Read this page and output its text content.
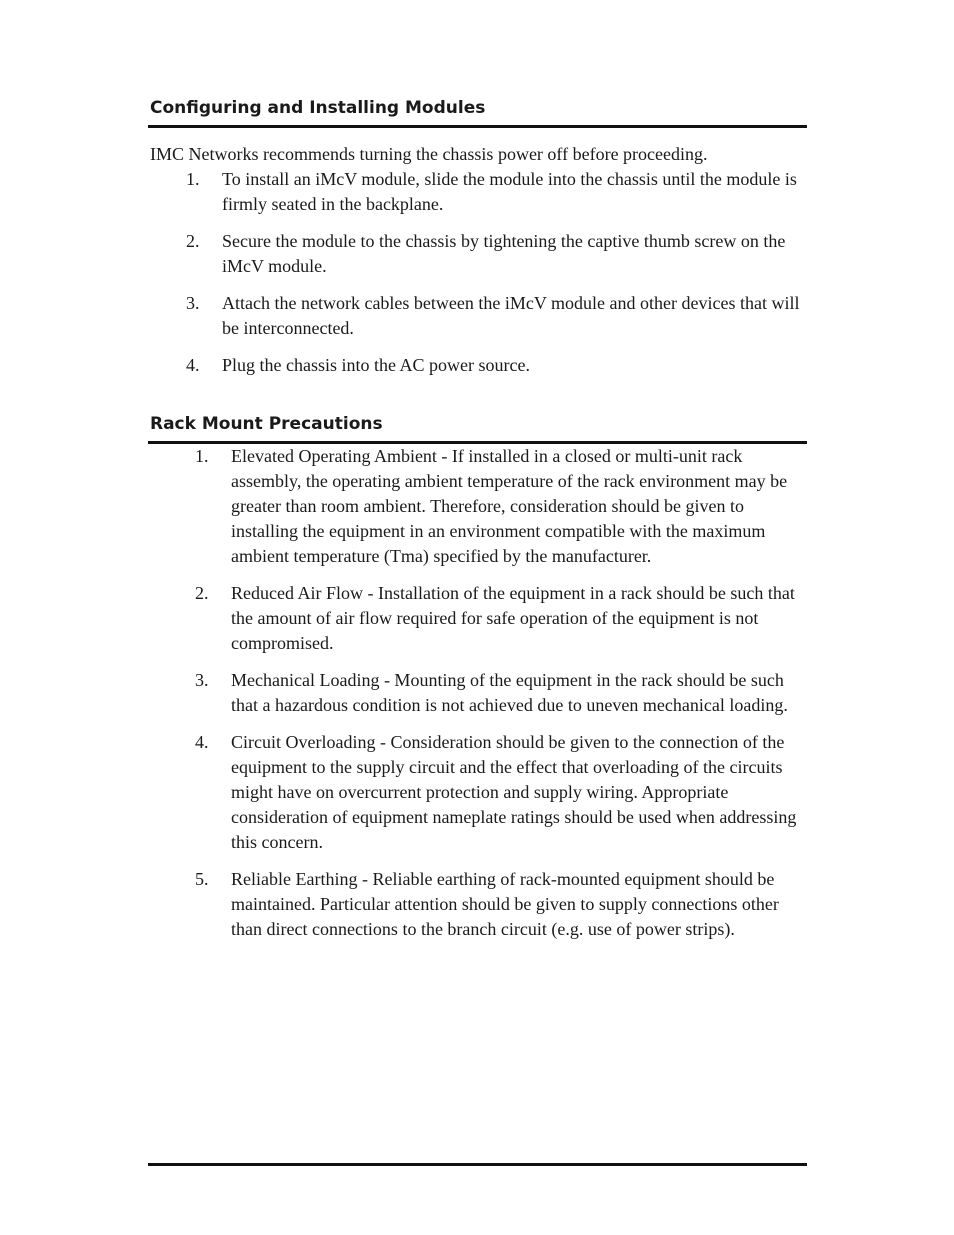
Configuring and Installing Modules

IMC Networks recommends turning the chassis power off before proceeding.

1. To install an iMcV module, slide the module into the chassis until the module is firmly seated in the backplane.
2. Secure the module to the chassis by tightening the captive thumb screw on the iMcV module.
3. Attach the network cables between the iMcV module and other devices that will be interconnected.
4. Plug the chassis into the AC power source.
Rack Mount Precautions
1. Elevated Operating Ambient - If installed in a closed or multi-unit rack assembly, the operating ambient temperature of the rack environment may be greater than room ambient. Therefore, consideration should be given to installing the equipment in an environment compatible with the maximum ambient temperature (Tma) specified by the manufacturer.
2. Reduced Air Flow - Installation of the equipment in a rack should be such that the amount of air flow required for safe operation of the equipment is not compromised.
3. Mechanical Loading - Mounting of the equipment in the rack should be such that a hazardous condition is not achieved due to uneven mechanical loading.
4. Circuit Overloading - Consideration should be given to the connection of the equipment to the supply circuit and the effect that overloading of the circuits might have on overcurrent protection and supply wiring. Appropriate consideration of equipment nameplate ratings should be used when addressing this concern.
5. Reliable Earthing - Reliable earthing of rack-mounted equipment should be maintained. Particular attention should be given to supply connections other than direct connections to the branch circuit (e.g. use of power strips).
